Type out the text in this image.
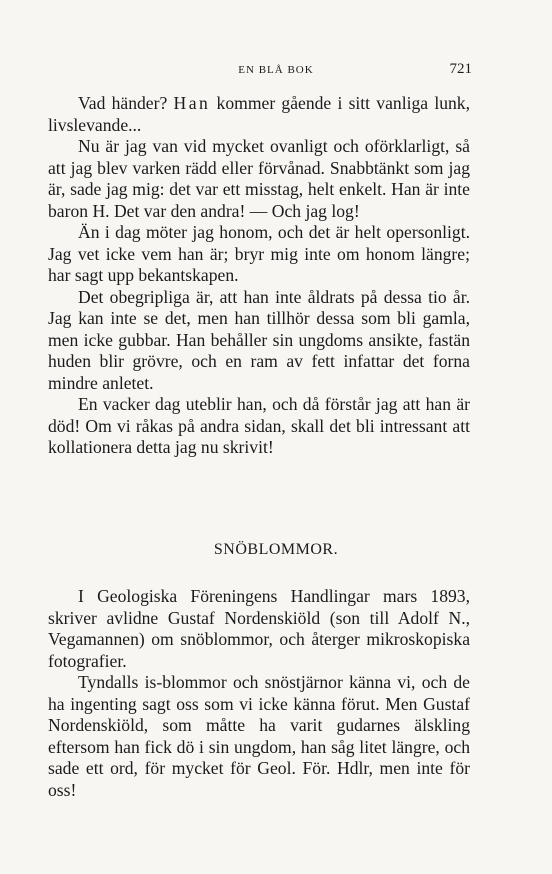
EN BLÅ BOK	721

Vad händer? Han kommer gående i sitt vanliga lunk, livslevande...

Nu är jag van vid mycket ovanligt och oförklarligt, så att jag blev varken rädd eller förvånad. Snabbtänkt som jag är, sade jag mig: det var ett misstag, helt enkelt. Han är inte baron H. Det var den andra! — Och jag log!

Än i dag möter jag honom, och det är helt opersonligt. Jag vet icke vem han är; bryr mig inte om honom längre; har sagt upp bekantskapen.

Det obegripliga är, att han inte åldrats på dessa tio år. Jag kan inte se det, men han tillhör dessa som bli gamla, men icke gubbar. Han behåller sin ungdoms ansikte, fastän huden blir grövre, och en ram av fett infattar det forna mindre anletet.

En vacker dag uteblir han, och då förstår jag att han är död! Om vi råkas på andra sidan, skall det bli intressant att kollationera detta jag nu skrivit!

SNÖBLOMMOR.

I Geologiska Föreningens Handlingar mars 1893, skriver avlidne Gustaf Nordenskiöld (son till Adolf N., Vegamannen) om snöblommor, och återger mikroskopiska fotografier.

Tyndalls is-blommor och snöstjärnor känna vi, och de ha ingenting sagt oss som vi icke känna förut. Men Gustaf Nordenskiöld, som måtte ha varit gudarnes älskling eftersom han fick dö i sin ungdom, han såg litet längre, och sade ett ord, för mycket för Geol. För. Hdlr, men inte för oss!
